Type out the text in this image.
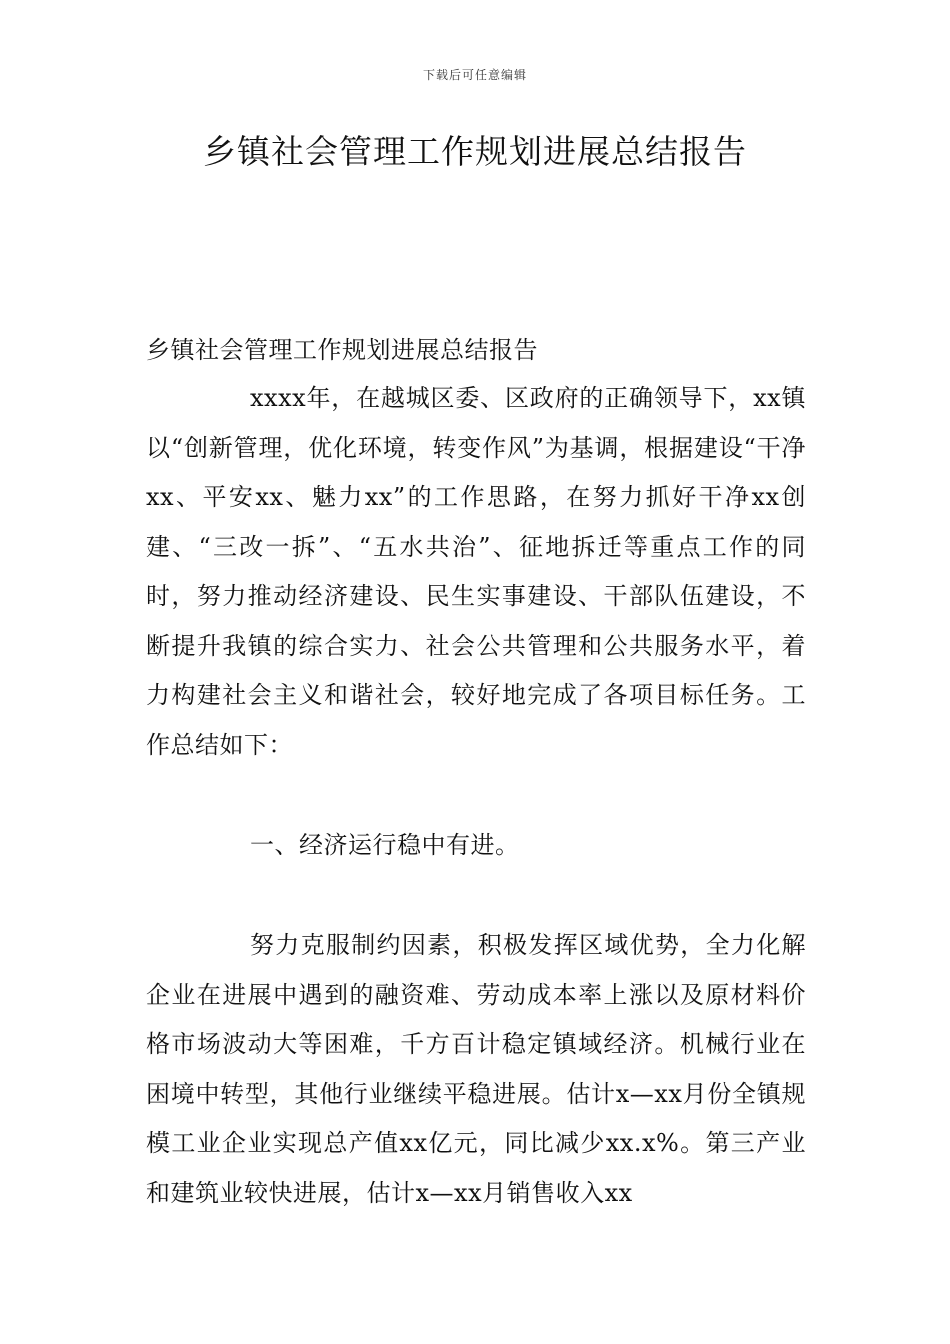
下载后可任意编辑
乡镇社会管理工作规划进展总结报告
乡镇社会管理工作规划进展总结报告
xxxx年，在越城区委、区政府的正确领导下，xx镇以“创新管理，优化环境，转变作风”为基调，根据建设“干净xx、平安xx、魅力xx”的工作思路，在努力抓好干净xx创建、“三改一拆”、“五水共治”、征地拆迁等重点工作的同时，努力推动经济建设、民生实事建设、干部队伍建设，不断提升我镇的综合实力、社会公共管理和公共服务水平，着力构建社会主义和谐社会，较好地完成了各项目标任务。工作总结如下：
一、经济运行稳中有进。
努力克服制约因素，积极发挥区域优势，全力化解企业在进展中遇到的融资难、劳动成本率上涨以及原材料价格市场波动大等困难，千方百计稳定镇域经济。机械行业在困境中转型，其他行业继续平稳进展。估计x—xx月份全镇规模工业企业实现总产值xx亿元，同比减少xx.x%。第三产业和建筑业较快进展，估计x—xx月销售收入xx
